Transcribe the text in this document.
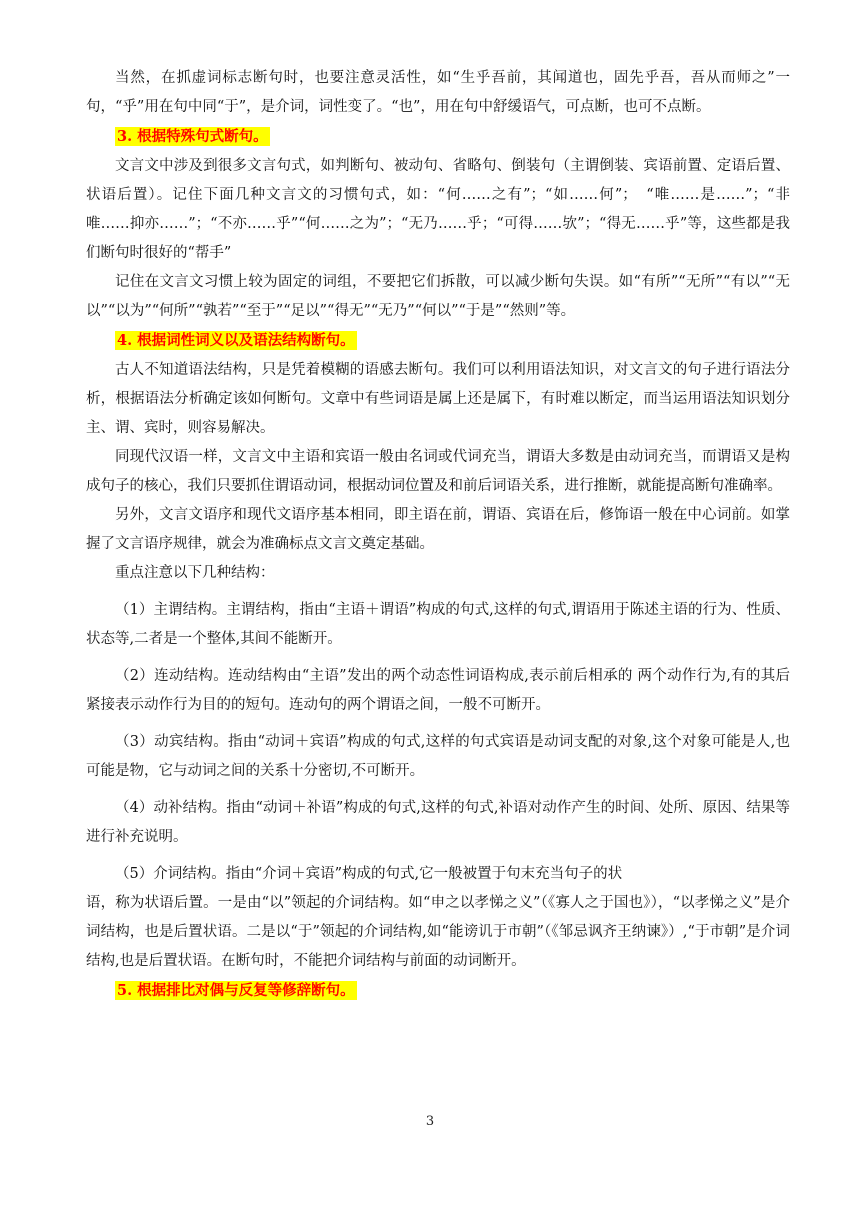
当然，在抓虚词标志断句时，也要注意灵活性，如“生乎吾前，其闻道也，固先乎吾，吾从而师之”一句，“乎”用在句中同“于”，是介词，词性变了。“也”，用在句中舒缓语气，可点断，也可不点断。

3. 根据特殊句式断句。

文言文中涉及到很多文言句式，如判断句、被动句、省略句、倒装句（主谓倒装、宾语前置、定语后置、状语后置）。记住下面几种文言文的习惯句式，如：“何……之有”；“如……何”；　“唯……是……”；“非唯……抑亦……”；“不亦……乎”“何……之为”；“无乃……乎；“可得……欤”；“得无……乎”等，这些都是我们断句时很好的“帮手”

记住在文言文习惯上较为固定的词组，不要把它们拆散，可以减少断句失误。如“有所”“无所”“有以”“无以”“以为”“何所”“孰若”“至于”“足以”“得无”“无乃”“何以”“于是”“然则”等。

4. 根据词性词义以及语法结构断句。

古人不知道语法结构，只是凭着模糊的语感去断句。我们可以利用语法知识，对文言文的句子进行语法分析，根据语法分析确定该如何断句。文章中有些词语是属上还是属下，有时难以断定，而当运用语法知识划分主、谓、宾时，则容易解决。

同现代汉语一样，文言文中主语和宾语一般由名词或代词充当，谓语大多数是由动词充当，而谓语又是构成句子的核心，我们只要抓住谓语动词，根据动词位置及和前后词语关系，进行推断，就能提高断句准确率。

另外，文言文语序和现代文语序基本相同，即主语在前，谓语、宾语在后，修饰语一般在中心词前。如掌握了文言语序规律，就会为准确标点文言文奠定基础。

重点注意以下几种结构：

（1）主谓结构。主谓结构，指由“主语＋谓语”构成的句式,这样的句式,谓语用于陈述主语的行为、性质、状态等,二者是一个整体,其间不能断开。

（2）连动结构。连动结构由“主语”发出的两个动态性词语构成,表示前后相承的 两个动作行为,有的其后紧接表示动作行为目的的短句。连动句的两个谓语之间，一般不可断开。

（3）动宾结构。指由“动词＋宾语”构成的句式,这样的句式宾语是动词支配的对象,这个对象可能是人,也可能是物，它与动词之间的关系十分密切,不可断开。

（4）动补结构。指由“动词＋补语”构成的句式,这样的句式,补语对动作产生的时间、处所、原因、结果等进行补充说明。

（5）介词结构。指由“介词＋宾语”构成的句式,它一般被置于句末充当句子的状

语，称为状语后置。一是由“以”领起的介词结构。如“申之以孝悌之义”（《寡人之于国也》），“以孝悌之义”是介词结构，也是后置状语。二是以“于”领起的介词结构,如“能谤讥于市朝”（《邹忌讽齐王纳谏》）,“于市朝”是介词结构,也是后置状语。在断句时，不能把介词结构与前面的动词断开。

5. 根据排比对偶与反复等修辞断句。

3
